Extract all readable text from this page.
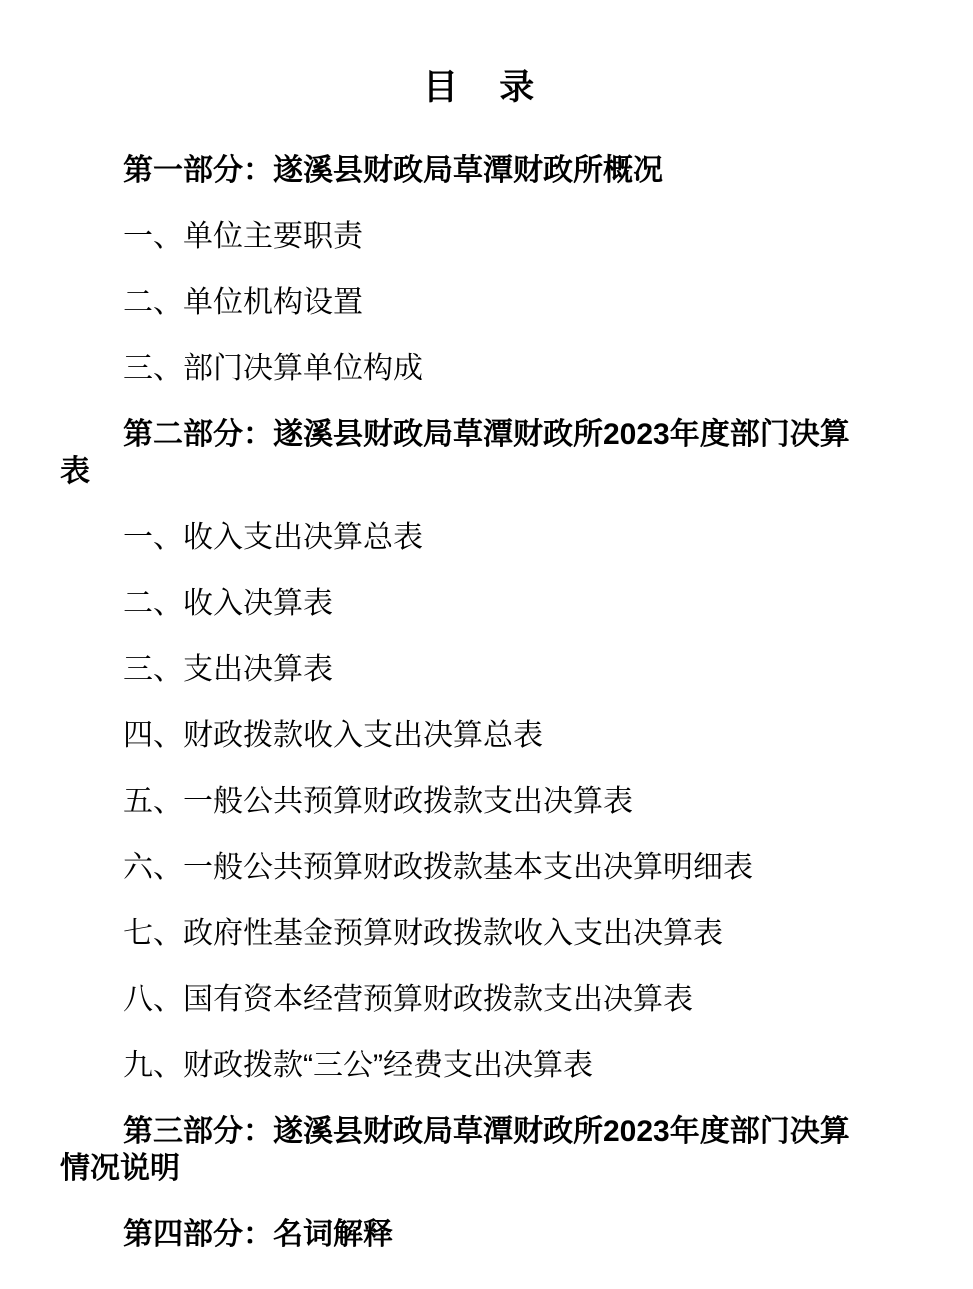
目 录

第一部分：遂溪县财政局草潭财政所概况

一、单位主要职责

二、单位机构设置

三、部门决算单位构成

第二部分：遂溪县财政局草潭财政所2023年度部门决算表

一、收入支出决算总表

二、收入决算表

三、支出决算表

四、财政拨款收入支出决算总表

五、一般公共预算财政拨款支出决算表

六、一般公共预算财政拨款基本支出决算明细表

七、政府性基金预算财政拨款收入支出决算表

八、国有资本经营预算财政拨款支出决算表

九、财政拨款“三公”经费支出决算表

第三部分：遂溪县财政局草潭财政所2023年度部门决算情况说明

第四部分：名词解释
